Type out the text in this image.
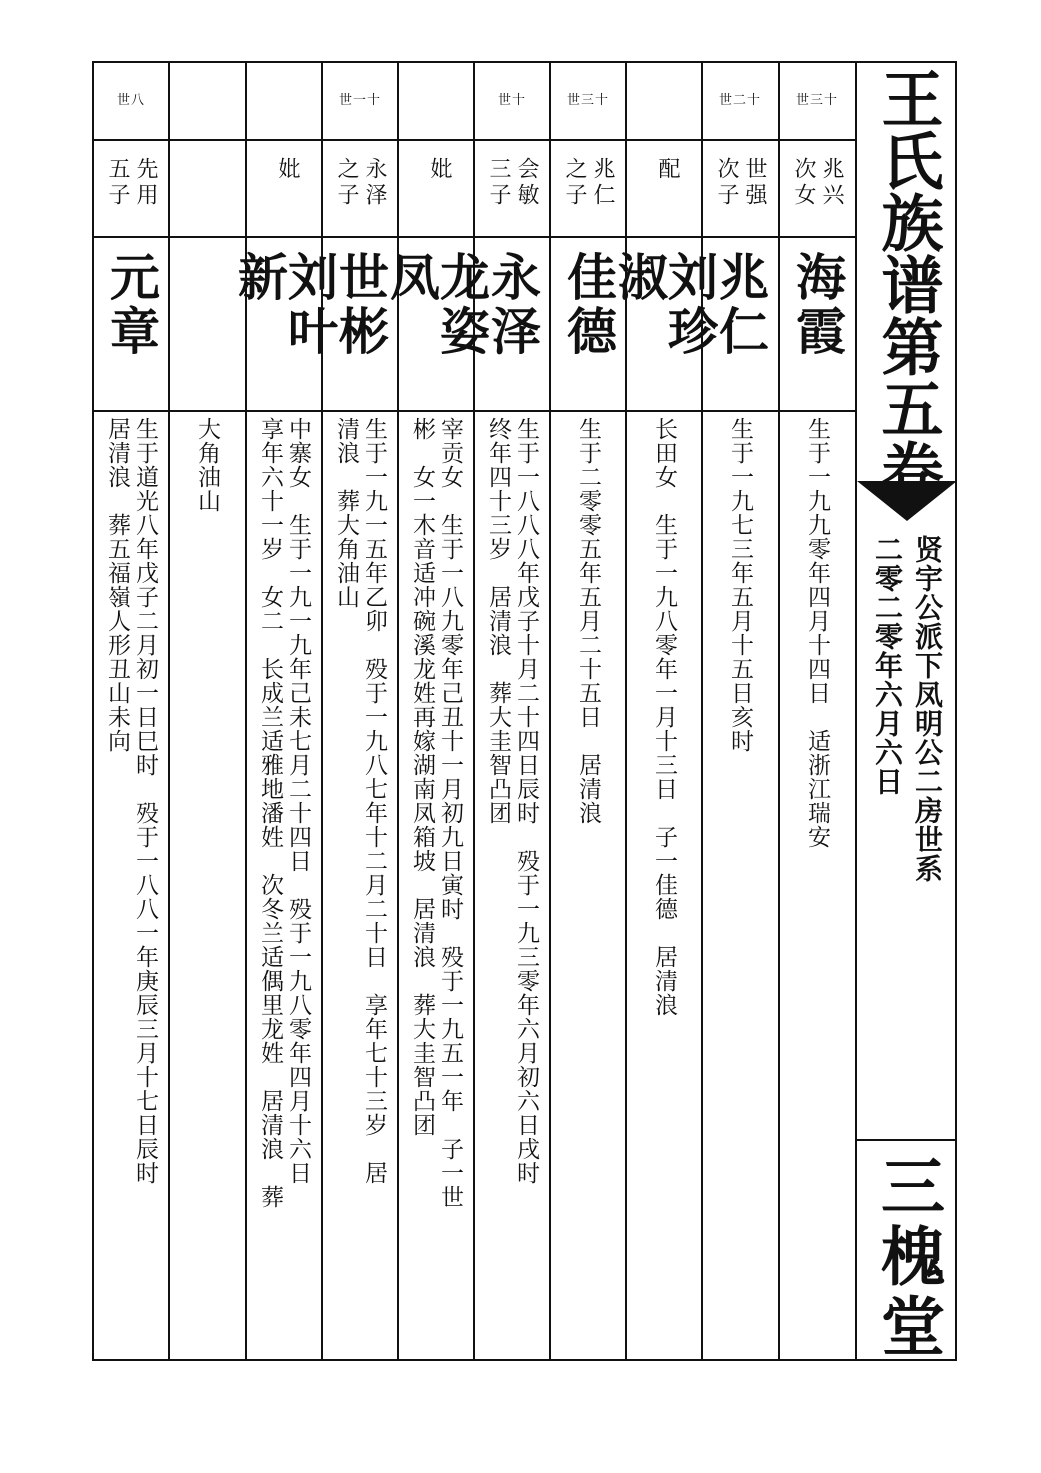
世三十
兆兴
次女
海霞
生于一九九零年四月十四日　适浙江瑞安
世二十
世强
次子
兆仁
生于一九七三年五月十五日亥时
配
刘珍淑
长田女　生于一九八零年一月十三日　子一佳德　居清浪
世三十
兆仁
之子
佳德
生于二零零五年五月二十五日　居清浪
世十
会敏
三子
永泽
生于一八八八年戊子十月二十四日辰时　殁于一九三零年六月初六日戌时
终年四十三岁　居清浪　葬大圭智凸团
妣
龙姿凤
宰贡女　生于一八九零年己丑十一月初九日寅时　殁于一九五一年　子一世
彬　女一木音适冲碗溪龙姓再嫁湖南凤箱坡　居清浪　葬大圭智凸团
世一十
永泽
之子
世彬
生于一九一五年乙卯　殁于一九八七年十二月二十日　享年七十三岁　居
清浪　葬大角油山
妣
刘叶新
中寨女　生于一九一九年己未七月二十四日　殁于一九八零年四月十六日
享年六十一岁　女二　长成兰适雅地潘姓　次冬兰适偶里龙姓　居清浪　葬
大角油山
世八
先用
五子
元章
生于道光八年戊子二月初一日巳时　殁于一八八一年庚辰三月十七日辰时
居清浪　葬五福嶺人形丑山未向
王氏族谱第五卷
贤宇公派下凤明公二房世系
二零二零年六月六日
三槐堂
